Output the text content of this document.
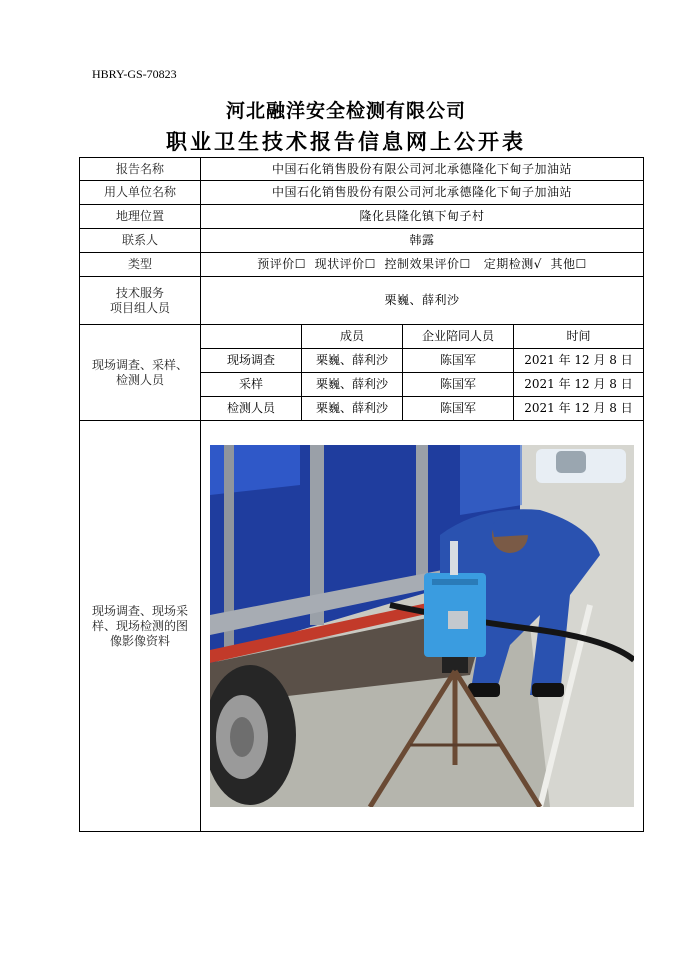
HBRY-GS-70823
河北融洋安全检测有限公司
职业卫生技术报告信息网上公开表
报告名称	中国石化销售股份有限公司河北承德隆化下甸子加油站			
用人单位名称	中国石化销售股份有限公司河北承德隆化下甸子加油站			
地理位置	隆化县隆化镇下甸子村			
联系人	韩露			
类型	预评价☐  现状评价☐  控制效果评价☐   定期检测√  其他☐			

技术服务
项目组人员	栗巍、薛利沙			

现场调查、采样、
检测人员		成员	企业陪同人员	时间
	现场调查	栗巍、薛利沙	陈国军	2021 年 12 月 8 日
	采样	栗巍、薛利沙	陈国军	2021 年 12 月 8 日
	检测人员	栗巍、薛利沙	陈国军	2021 年 12 月 8 日

现场调查、现场采
样、现场检测的图
像影像资料
